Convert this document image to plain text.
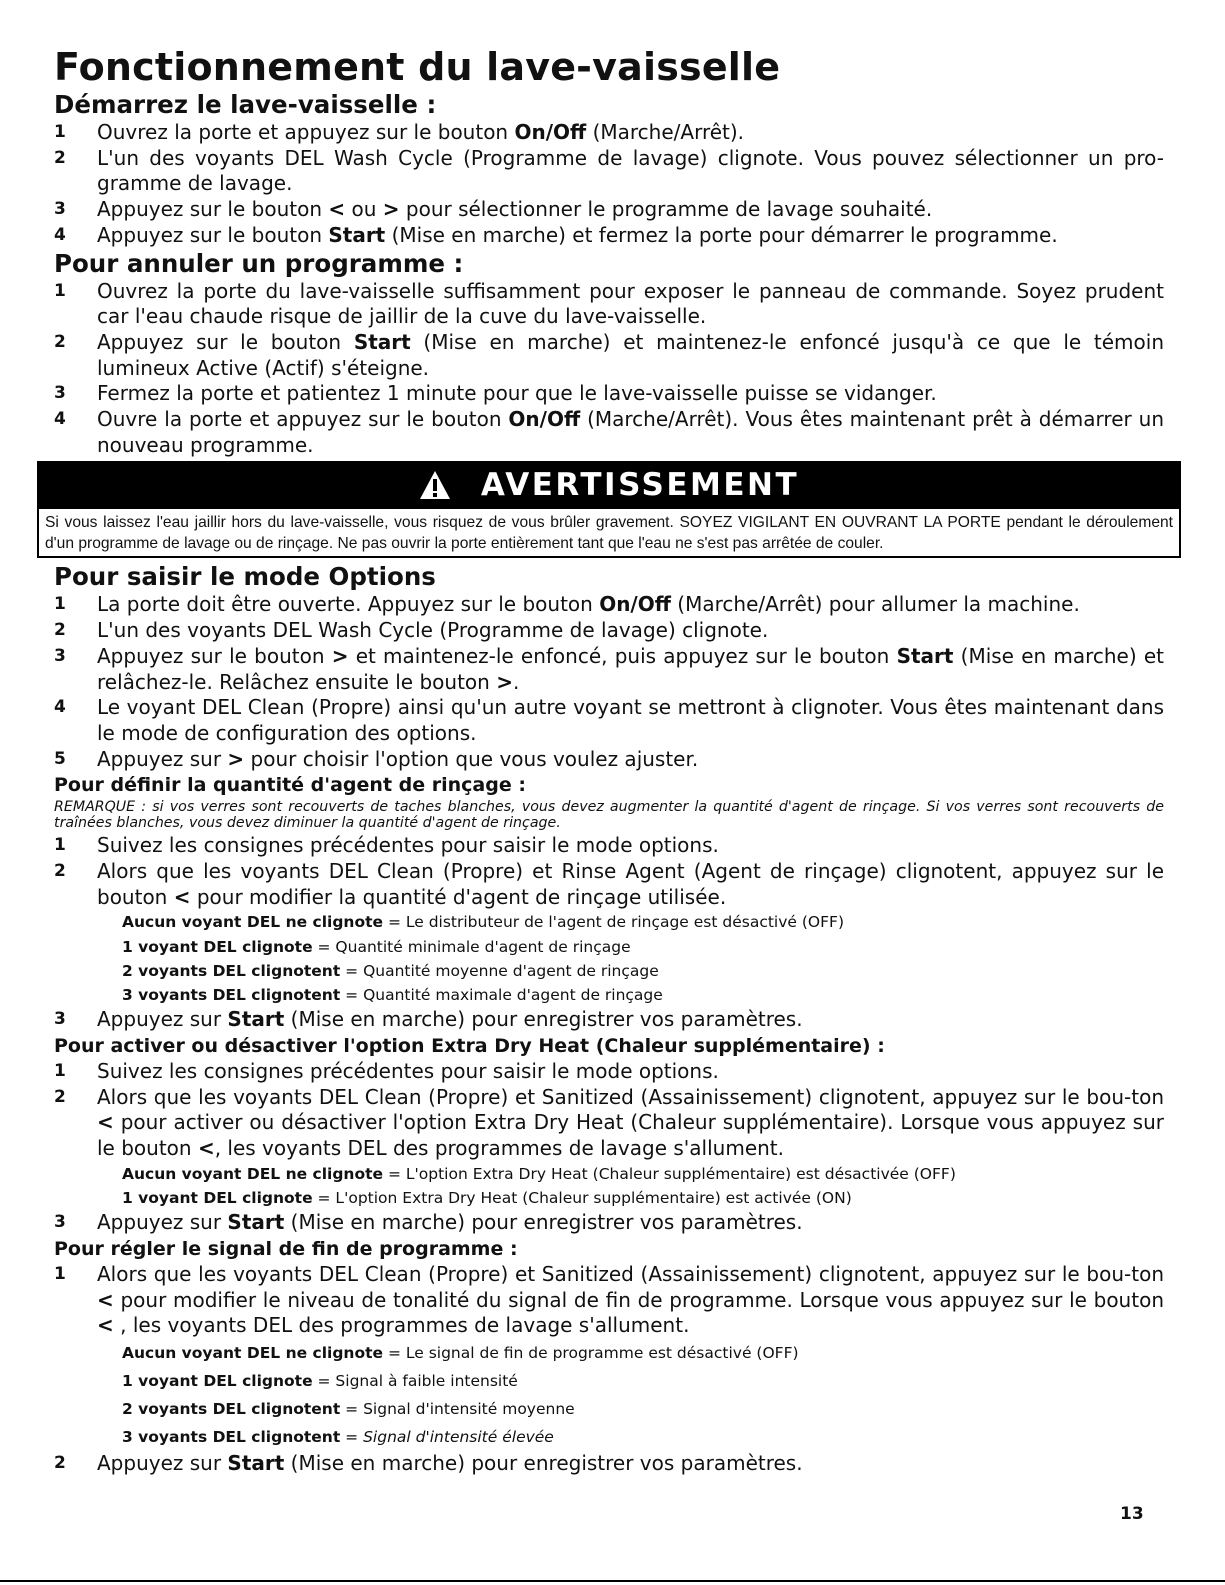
Fonctionnement du lave-vaisselle
Démarrez le lave-vaisselle :
1 Ouvrez la porte et appuyez sur le bouton On/Off (Marche/Arrêt).
2 L'un des voyants DEL Wash Cycle (Programme de lavage) clignote. Vous pouvez sélectionner un pro-gramme de lavage.
3 Appuyez sur le bouton < ou > pour sélectionner le programme de lavage souhaité.
4 Appuyez sur le bouton Start (Mise en marche) et fermez la porte pour démarrer le programme.
Pour annuler un programme :
1 Ouvrez la porte du lave-vaisselle suffisamment pour exposer le panneau de commande. Soyez prudent car l'eau chaude risque de jaillir de la cuve du lave-vaisselle.
2 Appuyez sur le bouton Start (Mise en marche) et maintenez-le enfoncé jusqu'à ce que le témoin lumineux Active (Actif) s'éteigne.
3 Fermez la porte et patientez 1 minute pour que le lave-vaisselle puisse se vidanger.
4 Ouvre la porte et appuyez sur le bouton On/Off (Marche/Arrêt). Vous êtes maintenant prêt à démarrer un nouveau programme.
AVERTISSEMENT
Si vous laissez l'eau jaillir hors du lave-vaisselle, vous risquez de vous brûler gravement. SOYEZ VIGILANT EN OUVRANT LA PORTE pendant le déroulement d'un programme de lavage ou de rinçage. Ne pas ouvrir la porte entièrement tant que l'eau ne s'est pas arrêtée de couler.
Pour saisir le mode Options
1 La porte doit être ouverte. Appuyez sur le bouton On/Off (Marche/Arrêt) pour allumer la machine.
2 L'un des voyants DEL Wash Cycle (Programme de lavage) clignote.
3 Appuyez sur le bouton > et maintenez-le enfoncé, puis appuyez sur le bouton Start (Mise en marche) et relâchez-le. Relâchez ensuite le bouton >.
4 Le voyant DEL Clean (Propre) ainsi qu'un autre voyant se mettront à clignoter. Vous êtes maintenant dans le mode de configuration des options.
5 Appuyez sur > pour choisir l'option que vous voulez ajuster.
Pour définir la quantité d'agent de rinçage :
REMARQUE : si vos verres sont recouverts de taches blanches, vous devez augmenter la quantité d'agent de rinçage. Si vos verres sont recouverts de traînées blanches, vous devez diminuer la quantité d'agent de rinçage.
1 Suivez les consignes précédentes pour saisir le mode options.
2 Alors que les voyants DEL Clean (Propre) et Rinse Agent (Agent de rinçage) clignotent, appuyez sur le bouton < pour modifier la quantité d'agent de rinçage utilisée.
Aucun voyant DEL ne clignote = Le distributeur de l'agent de rinçage est désactivé (OFF)
1 voyant DEL clignote = Quantité minimale d'agent de rinçage
2 voyants DEL clignotent = Quantité moyenne d'agent de rinçage
3 voyants DEL clignotent = Quantité maximale d'agent de rinçage
3 Appuyez sur Start (Mise en marche) pour enregistrer vos paramètres.
Pour activer ou désactiver l'option Extra Dry Heat (Chaleur supplémentaire) :
1 Suivez les consignes précédentes pour saisir le mode options.
2 Alors que les voyants DEL Clean (Propre) et Sanitized (Assainissement) clignotent, appuyez sur le bou-ton < pour activer ou désactiver l'option Extra Dry Heat (Chaleur supplémentaire). Lorsque vous appuyez sur le bouton <, les voyants DEL des programmes de lavage s'allument.
Aucun voyant DEL ne clignote = L'option Extra Dry Heat (Chaleur supplémentaire) est désactivée (OFF)
1 voyant DEL clignote = L'option Extra Dry Heat (Chaleur supplémentaire) est activée (ON)
3 Appuyez sur Start (Mise en marche) pour enregistrer vos paramètres.
Pour régler le signal de fin de programme :
1 Alors que les voyants DEL Clean (Propre) et Sanitized (Assainissement) clignotent, appuyez sur le bou-ton < pour modifier le niveau de tonalité du signal de fin de programme. Lorsque vous appuyez sur le bouton < , les voyants DEL des programmes de lavage s'allument.
Aucun voyant DEL ne clignote = Le signal de fin de programme est désactivé (OFF)
1 voyant DEL clignote = Signal à faible intensité
2 voyants DEL clignotent = Signal d'intensité moyenne
3 voyants DEL clignotent = Signal d'intensité élevée
2 Appuyez sur Start (Mise en marche) pour enregistrer vos paramètres.
13
